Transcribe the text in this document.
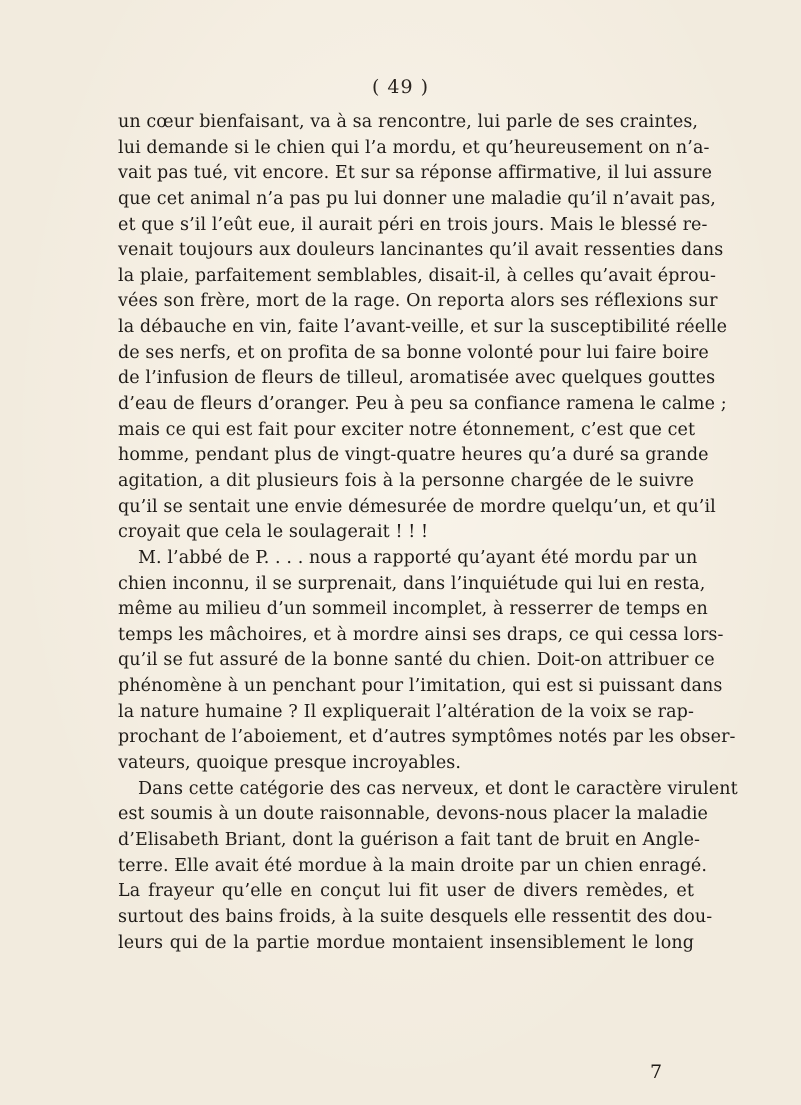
( 49 )
un cœur bienfaisant, va à sa rencontre, lui parle de ses craintes,
lui demande si le chien qui l’a mordu, et qu’heureusement on n’a-
vait pas tué, vit encore. Et sur sa réponse affirmative, il lui assure
que cet animal n’a pas pu lui donner une maladie qu’il n’avait pas,
et que s’il l’eût eue, il aurait péri en trois jours. Mais le blessé re-
venait toujours aux douleurs lancinantes qu’il avait ressenties dans
la plaie, parfaitement semblables, disait-il, à celles qu’avait éprou-
vées son frère, mort de la rage. On reporta alors ses réflexions sur
la débauche en vin, faite l’avant-veille, et sur la susceptibilité réelle
de ses nerfs, et on profita de sa bonne volonté pour lui faire boire
de l’infusion de fleurs de tilleul, aromatisée avec quelques gouttes
d’eau de fleurs d’oranger. Peu à peu sa confiance ramena le calme ;
mais ce qui est fait pour exciter notre étonnement, c’est que cet
homme, pendant plus de vingt-quatre heures qu’a duré sa grande
agitation, a dit plusieurs fois à la personne chargée de le suivre
qu’il se sentait une envie démesurée de mordre quelqu’un, et qu’il
croyait que cela le soulagerait ! ! !
M. l’abbé de P. . . . nous a rapporté qu’ayant été mordu par un
chien inconnu, il se surprenait, dans l’inquiétude qui lui en resta,
même au milieu d’un sommeil incomplet, à resserrer de temps en
temps les mâchoires, et à mordre ainsi ses draps, ce qui cessa lors-
qu’il se fut assuré de la bonne santé du chien. Doit-on attribuer ce
phénomène à un penchant pour l’imitation, qui est si puissant dans
la nature humaine ? Il expliquerait l’altération de la voix se rap-
prochant de l’aboiement, et d’autres symptômes notés par les obser-
vateurs, quoique presque incroyables.
Dans cette catégorie des cas nerveux, et dont le caractère virulent
est soumis à un doute raisonnable, devons-nous placer la maladie
d’Elisabeth Briant, dont la guérison a fait tant de bruit en Angle-
terre. Elle avait été mordue à la main droite par un chien enragé.
La frayeur qu’elle en conçut lui fit user de divers remèdes, et
surtout des bains froids, à la suite desquels elle ressentit des dou-
leurs qui de la partie mordue montaient insensiblement le long
7
